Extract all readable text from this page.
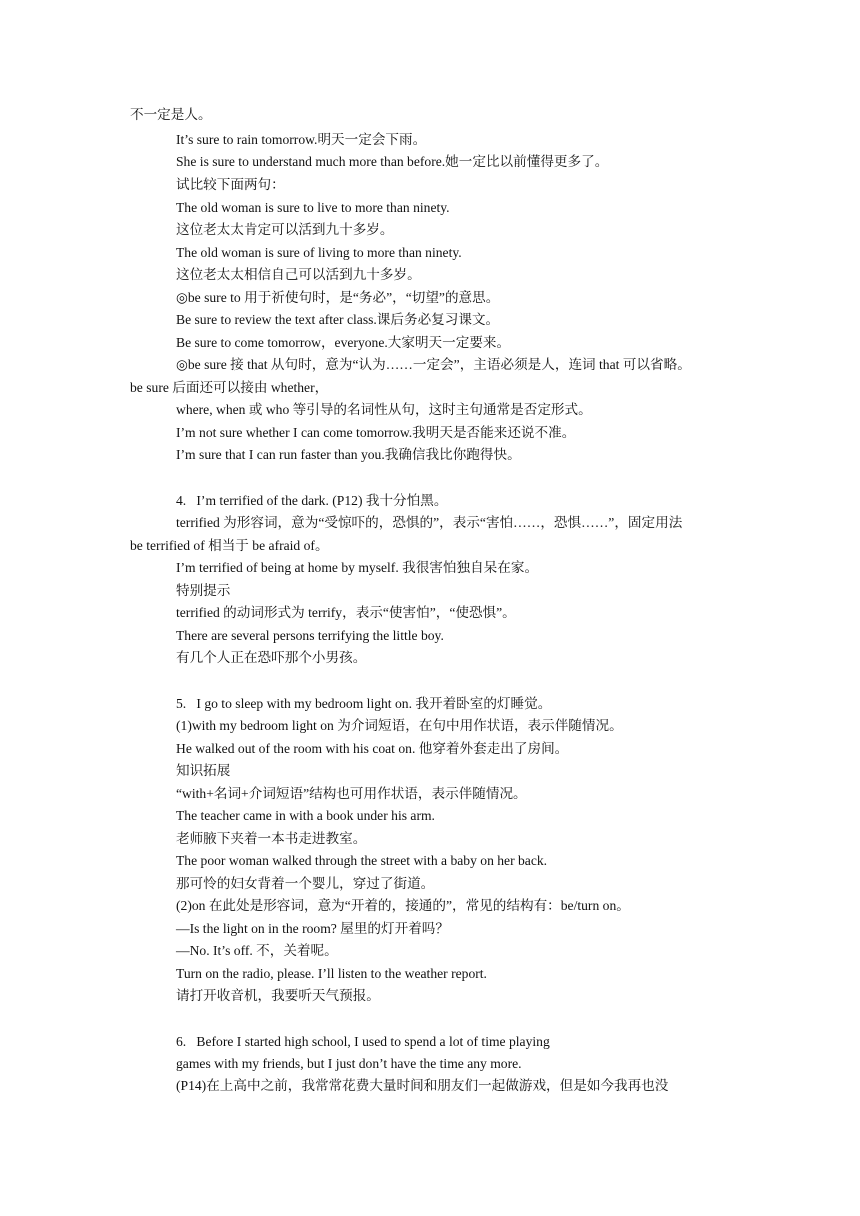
不一定是人。
It’s sure to rain tomorrow.明天一定会下雨。
She is sure to understand much more than before.她一定比以前懂得更多了。
试比较下面两句：
The old woman is sure to live to more than ninety.
这位老太太肯定可以活到九十多岁。
The old woman is sure of living to more than ninety.
这位老太太相信自己可以活到九十多岁。
◎be sure to 用于祈使句时，是“务必”，“切望”的意思。
Be sure to review the text after class.课后务必复习课文。
Be sure to come tomorrow，everyone.大家明天一定要来。
◎be sure 接 that 从句时，意为“认为……一定会”，主语必须是人，连词 that 可以省略。
be sure 后面还可以接由 whether，
where, when 或 who 等引导的名词性从句，这时主句通常是否定形式。
I’m not sure whether I can come tomorrow.我明天是否能来还说不准。
I’m sure that I can run faster than you.我确信我比你跑得快。
4.   I’m terrified of the dark. (P12) 我十分怕黑。
terrified 为形容词，意为“受惊吓的，恐惧的”，表示“害怕……，恐惧……”，固定用法
be terrified of 相当于 be afraid of。
I’m terrified of being at home by myself. 我很害怕独自呆在家。
特别提示
terrified 的动词形式为 terrify，表示“使害怕”，“使恐惧”。
There are several persons terrifying the little boy.
有几个人正在恐吓那个小男孩。
5.   I go to sleep with my bedroom light on. 我开着卧室的灯睡觉。
(1)with my bedroom light on 为介词短语，在句中用作状语，表示伴随情况。
He walked out of the room with his coat on. 他穿着外套走出了房间。
知识拓展
“with+名词+介词短语”结构也可用作状语，表示伴随情况。
The teacher came in with a book under his arm.
老师腋下夹着一本书走进教室。
The poor woman walked through the street with a baby on her back.
那可怜的妇女背着一个婴儿，穿过了街道。
(2)on 在此处是形容词，意为“开着的，接通的”，常见的结构有：be/turn on。
—Is the light on in the room? 屋里的灯开着吗？
—No. It’s off. 不，关着呢。
Turn on the radio, please. I’ll listen to the weather report.
请打开收音机，我要听天气预报。
6.   Before I started high school, I used to spend a lot of time playing
games with my friends, but I just don’t have the time any more.
(P14)在上高中之前，我常常花费大量时间和朋友们一起做游戏，但是如今我再也没
